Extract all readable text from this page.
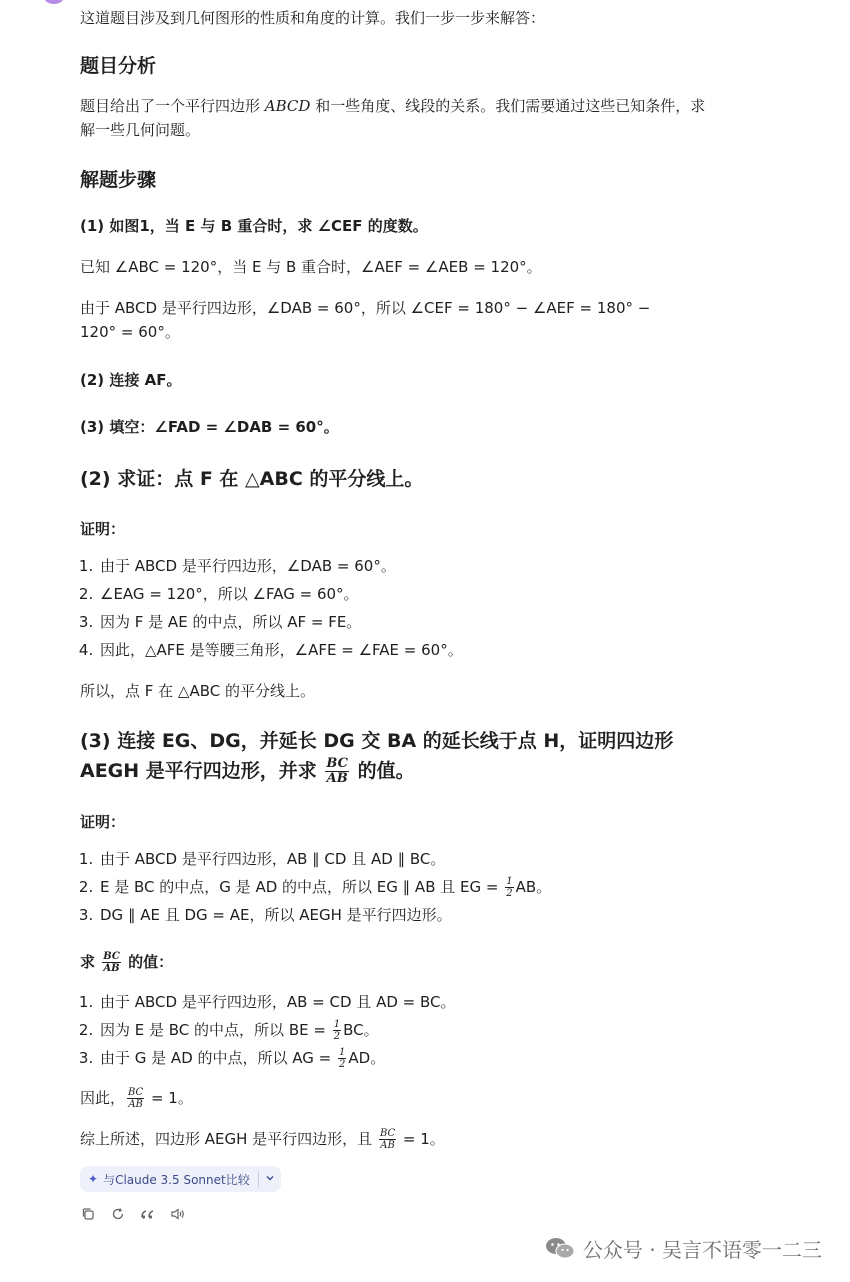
这道题目涉及到几何图形的性质和角度的计算。我们一步一步来解答：

题目分析

题目给出了一个平行四边形 ABCD 和一些角度、线段的关系。我们需要通过这些已知条件，求

解一些几何问题。

解题步骤

(1) 如图1，当 E 与 B 重合时，求 ∠CEF 的度数。

已知 ∠ABC = 120°，当 E 与 B 重合时，∠AEF = ∠AEB = 120°。

由于 ABCD 是平行四边形，∠DAB = 60°，所以 ∠CEF = 180° − ∠AEF = 180° −

120° = 60°。

(2) 连接 AF。

(3) 填空：∠FAD = ∠DAB = 60°。

(2) 求证：点 F 在 △ABC 的平分线上。

证明：

1. 由于 ABCD 是平行四边形，∠DAB = 60°。
2. ∠EAG = 120°，所以 ∠FAG = 60°。
3. 因为 F 是 AE 的中点，所以 AF = FE。
4. 因此，△AFE 是等腰三角形，∠AFE = ∠FAE = 60°。

所以，点 F 在 △ABC 的平分线上。

(3) 连接 EG、DG，并延长 DG 交 BA 的延长线于点 H，证明四边形

AEGH 是平行四边形，并求 $\frac{BC}{AB}$ 的值。

证明：

1. 由于 ABCD 是平行四边形，AB ∥ CD 且 AD ∥ BC。
2. E 是 BC 的中点，G 是 AD 的中点，所以 EG ∥ AB 且 EG = $\frac{1}{2}$ AB。
3. DG ∥ AE 且 DG = AE，所以 AEGH 是平行四边形。

求 $\frac{BC}{AB}$ 的值：

1. 由于 ABCD 是平行四边形，AB = CD 且 AD = BC。
2. 因为 E 是 BC 的中点，所以 BE = $\frac{1}{2}$ BC。
3. 由于 G 是 AD 的中点，所以 AG = $\frac{1}{2}$ AD。

因此， $\frac{BC}{AB} = 1$。

综上所述，四边形 AEGH 是平行四边形，且 $\frac{BC}{AB} = 1$。

✦ 与Claude 3.5 Sonnet比较
公众号 · 吴言不语零一二三
